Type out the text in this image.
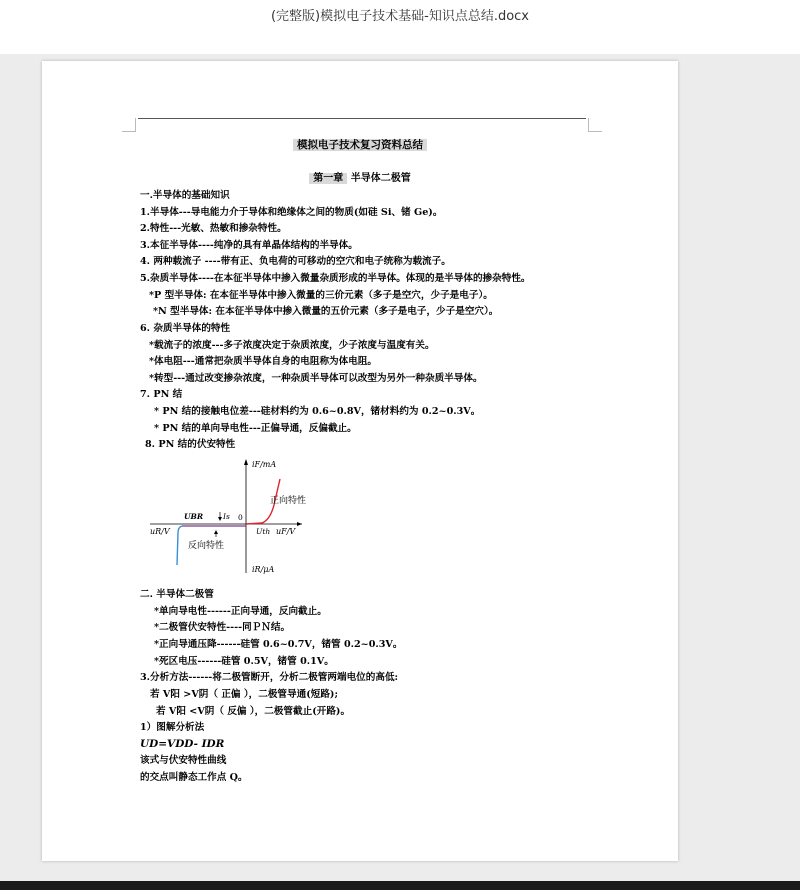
(完整版)模拟电子技术基础-知识点总结.docx
模拟电子技术复习资料总结
第一章 半导体二极管
一.半导体的基础知识
1.半导体---导电能力介于导体和绝缘体之间的物质(如硅 Si、锗 Ge)。
2.特性---光敏、热敏和掺杂特性。
3.本征半导体----纯净的具有单晶体结构的半导体。
4. 两种载流子 ----带有正、负电荷的可移动的空穴和电子统称为载流子。
5.杂质半导体----在本征半导体中掺入微量杂质形成的半导体。体现的是半导体的掺杂特性。
*P 型半导体: 在本征半导体中掺入微量的三价元素（多子是空穴，少子是电子）。
*N 型半导体: 在本征半导体中掺入微量的五价元素（多子是电子，少子是空穴）。
6. 杂质半导体的特性
*载流子的浓度---多子浓度决定于杂质浓度，少子浓度与温度有关。
*体电阻---通常把杂质半导体自身的电阻称为体电阻。
*转型---通过改变掺杂浓度，一种杂质半导体可以改型为另外一种杂质半导体。
7. PN 结
* PN 结的接触电位差---硅材料约为 0.6~0.8V，锗材料约为 0.2~0.3V。
* PN 结的单向导电性---正偏导通，反偏截止。
8. PN 结的伏安特性
iF/mA
iR/μA
uF/V
uR/V
UBR	Is 0
Uth
正向特性
反向特性
二. 半导体二极管
*单向导电性------正向导通，反向截止。
*二极管伏安特性----同ＰＮ结。
*正向导通压降------硅管 0.6~0.7V，锗管 0.2~0.3V。
*死区电压------硅管 0.5V，锗管 0.1V。
3.分析方法------将二极管断开，分析二极管两端电位的高低:
若 V阳 >V阴（ 正偏 ），二极管导通(短路);
若 V阳 <V阴（ 反偏 ），二极管截止(开路)。
1）图解分析法
UD=VDD- IDR
该式与伏安特性曲线
的交点叫静态工作点 Q。
